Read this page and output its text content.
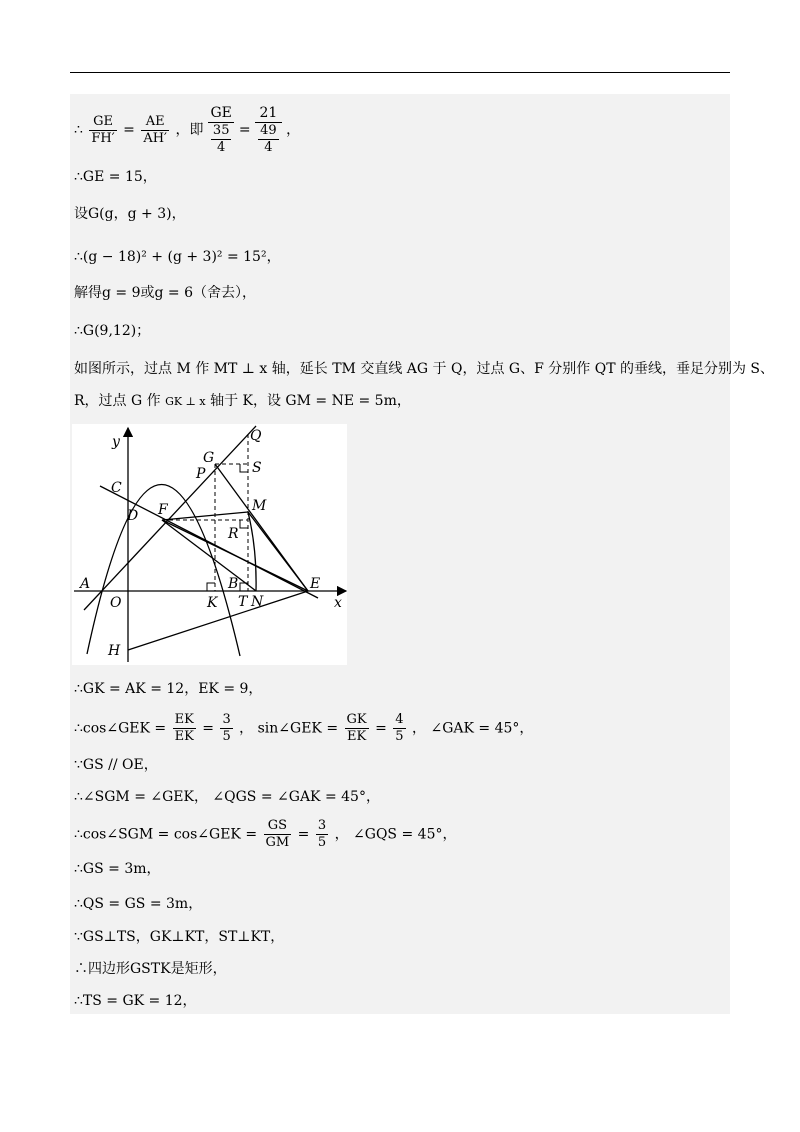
∴ $\frac{GE}{FH'} = \frac{AE}{AH'}$ ，即 $\frac{GE}{\frac{35}{4}} = \frac{21}{\frac{49}{4}}$ ，
∴GE = 15，
设G(g，g + 3)，
∴(g − 18)² + (g + 3)² = 15²，
解得g = 9或g = 6（舍去），
∴G(9,12)；
如图所示，过点 M 作 MT ⊥ x 轴，延长 TM 交直线 AG 于 Q，过点 G、F 分别作 QT 的垂线，垂足分别为 S、
R，过点 G 作 GK ⊥ x 轴于 K，设 GM = NE = 5m，
y
x
Q
G
P	S
C
M
D F
R
A	B	E
O	K T N
H
∴GK = AK = 12，EK = 9，
∴cos∠GEK = $\frac{EK}{EK} = \frac{3}{5}$ ， sin∠GEK = $\frac{GK}{EK} = \frac{4}{5}$ ， ∠GAK = 45°，
∵GS // OE，
∴∠SGM = ∠GEK， ∠QGS = ∠GAK = 45°，
∴cos∠SGM = cos∠GEK = $\frac{GS}{GM} = \frac{3}{5}$ ， ∠GQS = 45°，
∴GS = 3m，
∴QS = GS = 3m，
∵GS⊥TS，GK⊥KT，ST⊥KT，
∴四边形GSTK是矩形，
∴TS = GK = 12，
